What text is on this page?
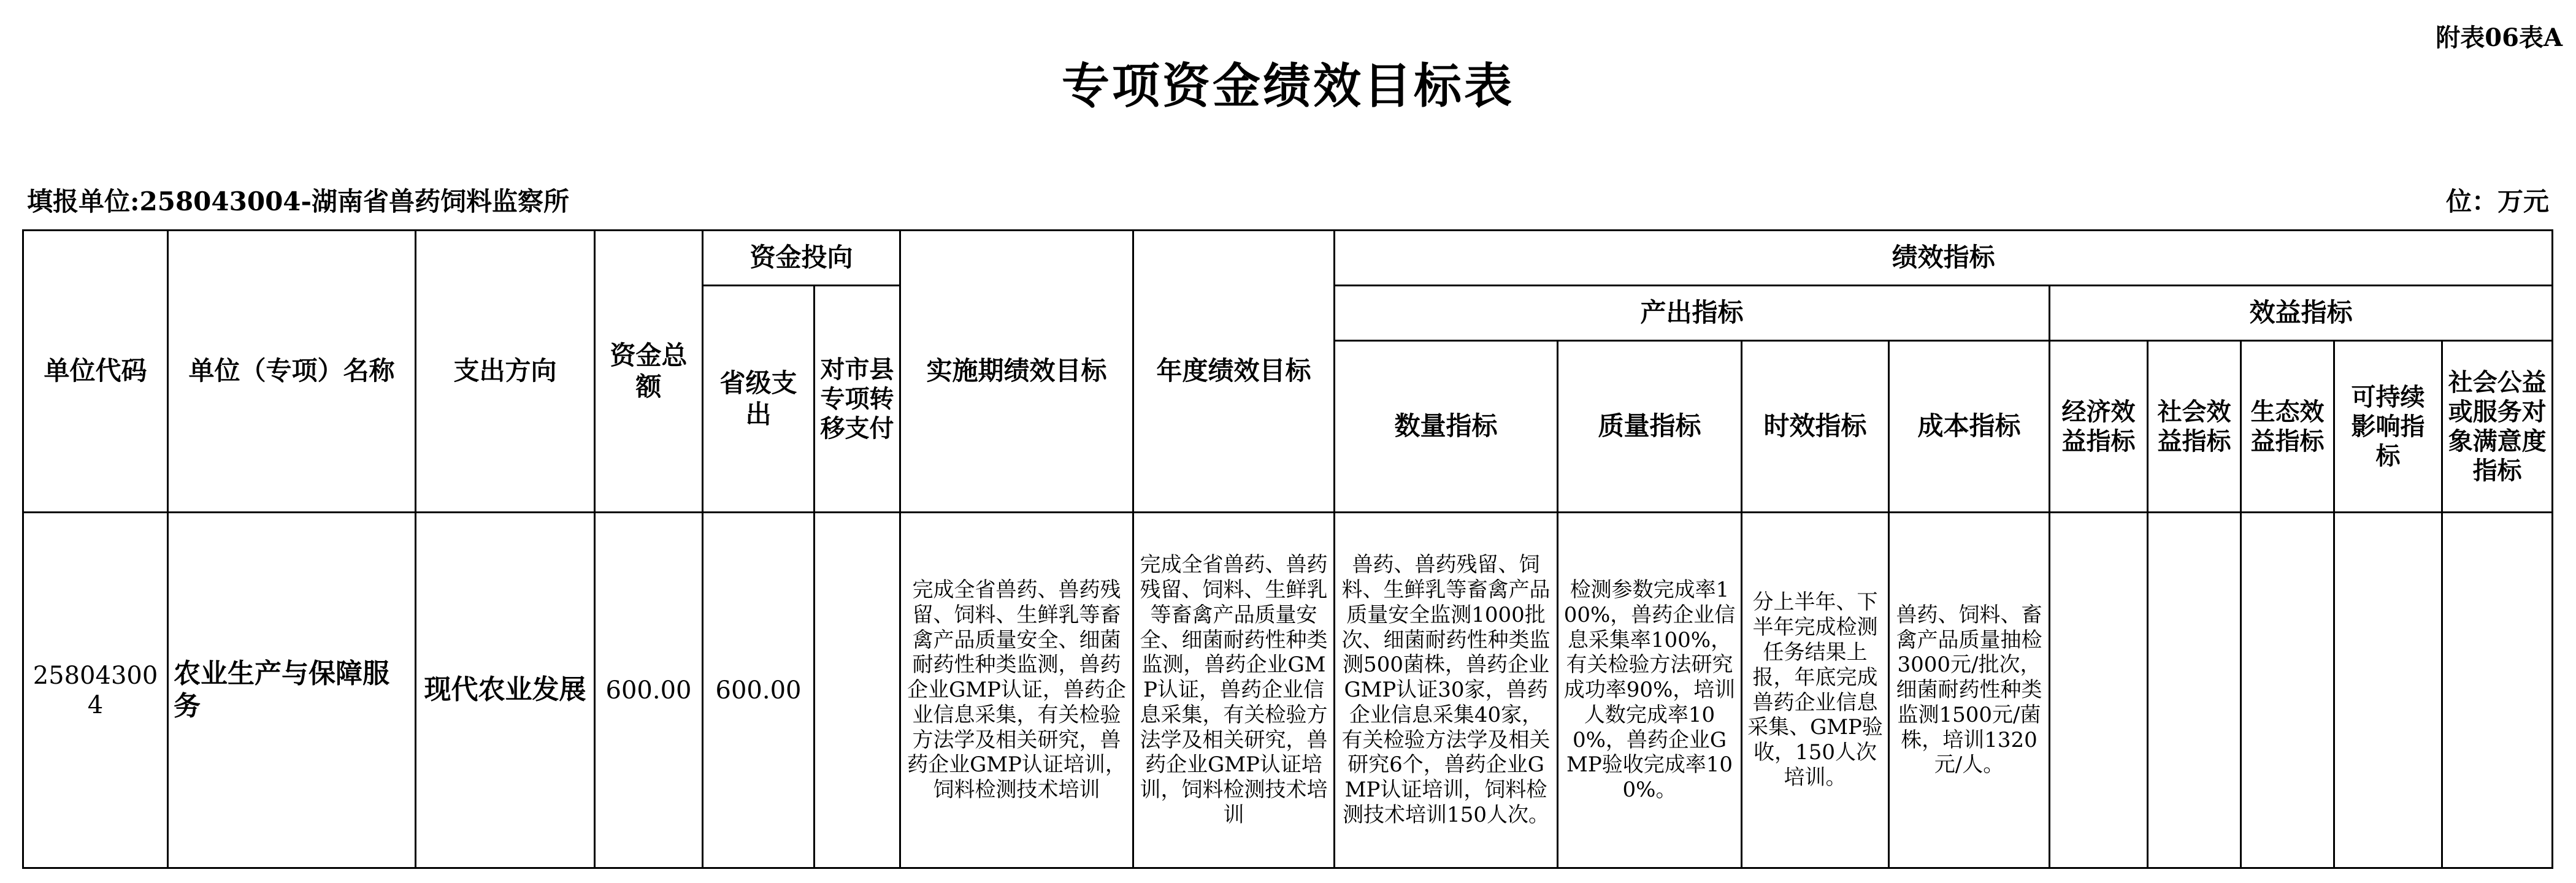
附表06表A
专项资金绩效目标表
填报单位:258043004-湖南省兽药饲料监察所	位：万元
单位代码	单位（专项）名称	支出方向	资金总额	资金投向		实施期绩效目标	年度绩效目标	绩效指标								
				省级支出	对市县专项转移支付			产出指标				效益指标				
								数量指标	质量指标	时效指标	成本指标	经济效益指标	社会效益指标	生态效益指标	可持续影响指标	社会公益或服务对象满意度指标
258043004	农业生产与保障服务	现代农业发展	600.00	600.00		完成全省兽药、兽药残留、饲料、生鲜乳等畜禽产品质量安全、细菌耐药性种类监测，兽药企业GMP认证，兽药企业信息采集，有关检验方法学及相关研究，兽药企业GMP认证培训，饲料检测技术培训	完成全省兽药、兽药残留、饲料、生鲜乳等畜禽产品质量安全、细菌耐药性种类监测，兽药企业GMP认证，兽药企业信息采集，有关检验方法学及相关研究，兽药企业GMP认证培训，饲料检测技术培训	兽药、兽药残留、饲料、生鲜乳等畜禽产品质量安全监测1000批次、细菌耐药性种类监测500菌株，兽药企业GMP认证30家，兽药企业信息采集40家，有关检验方法学及相关研究6个，兽药企业GMP认证培训，饲料检测技术培训150人次。	检测参数完成率100%，兽药企业信息采集率100%，有关检验方法研究成功率90%，培训人数完成率100%，兽药企业GMP验收完成率100%。	分上半年、下半年完成检测任务结果上报，年底完成兽药企业信息采集、GMP验收，150人次培训。	兽药、饲料、畜禽产品质量抽检3000元/批次，细菌耐药性种类监测1500元/菌株，培训1320元/人。					
